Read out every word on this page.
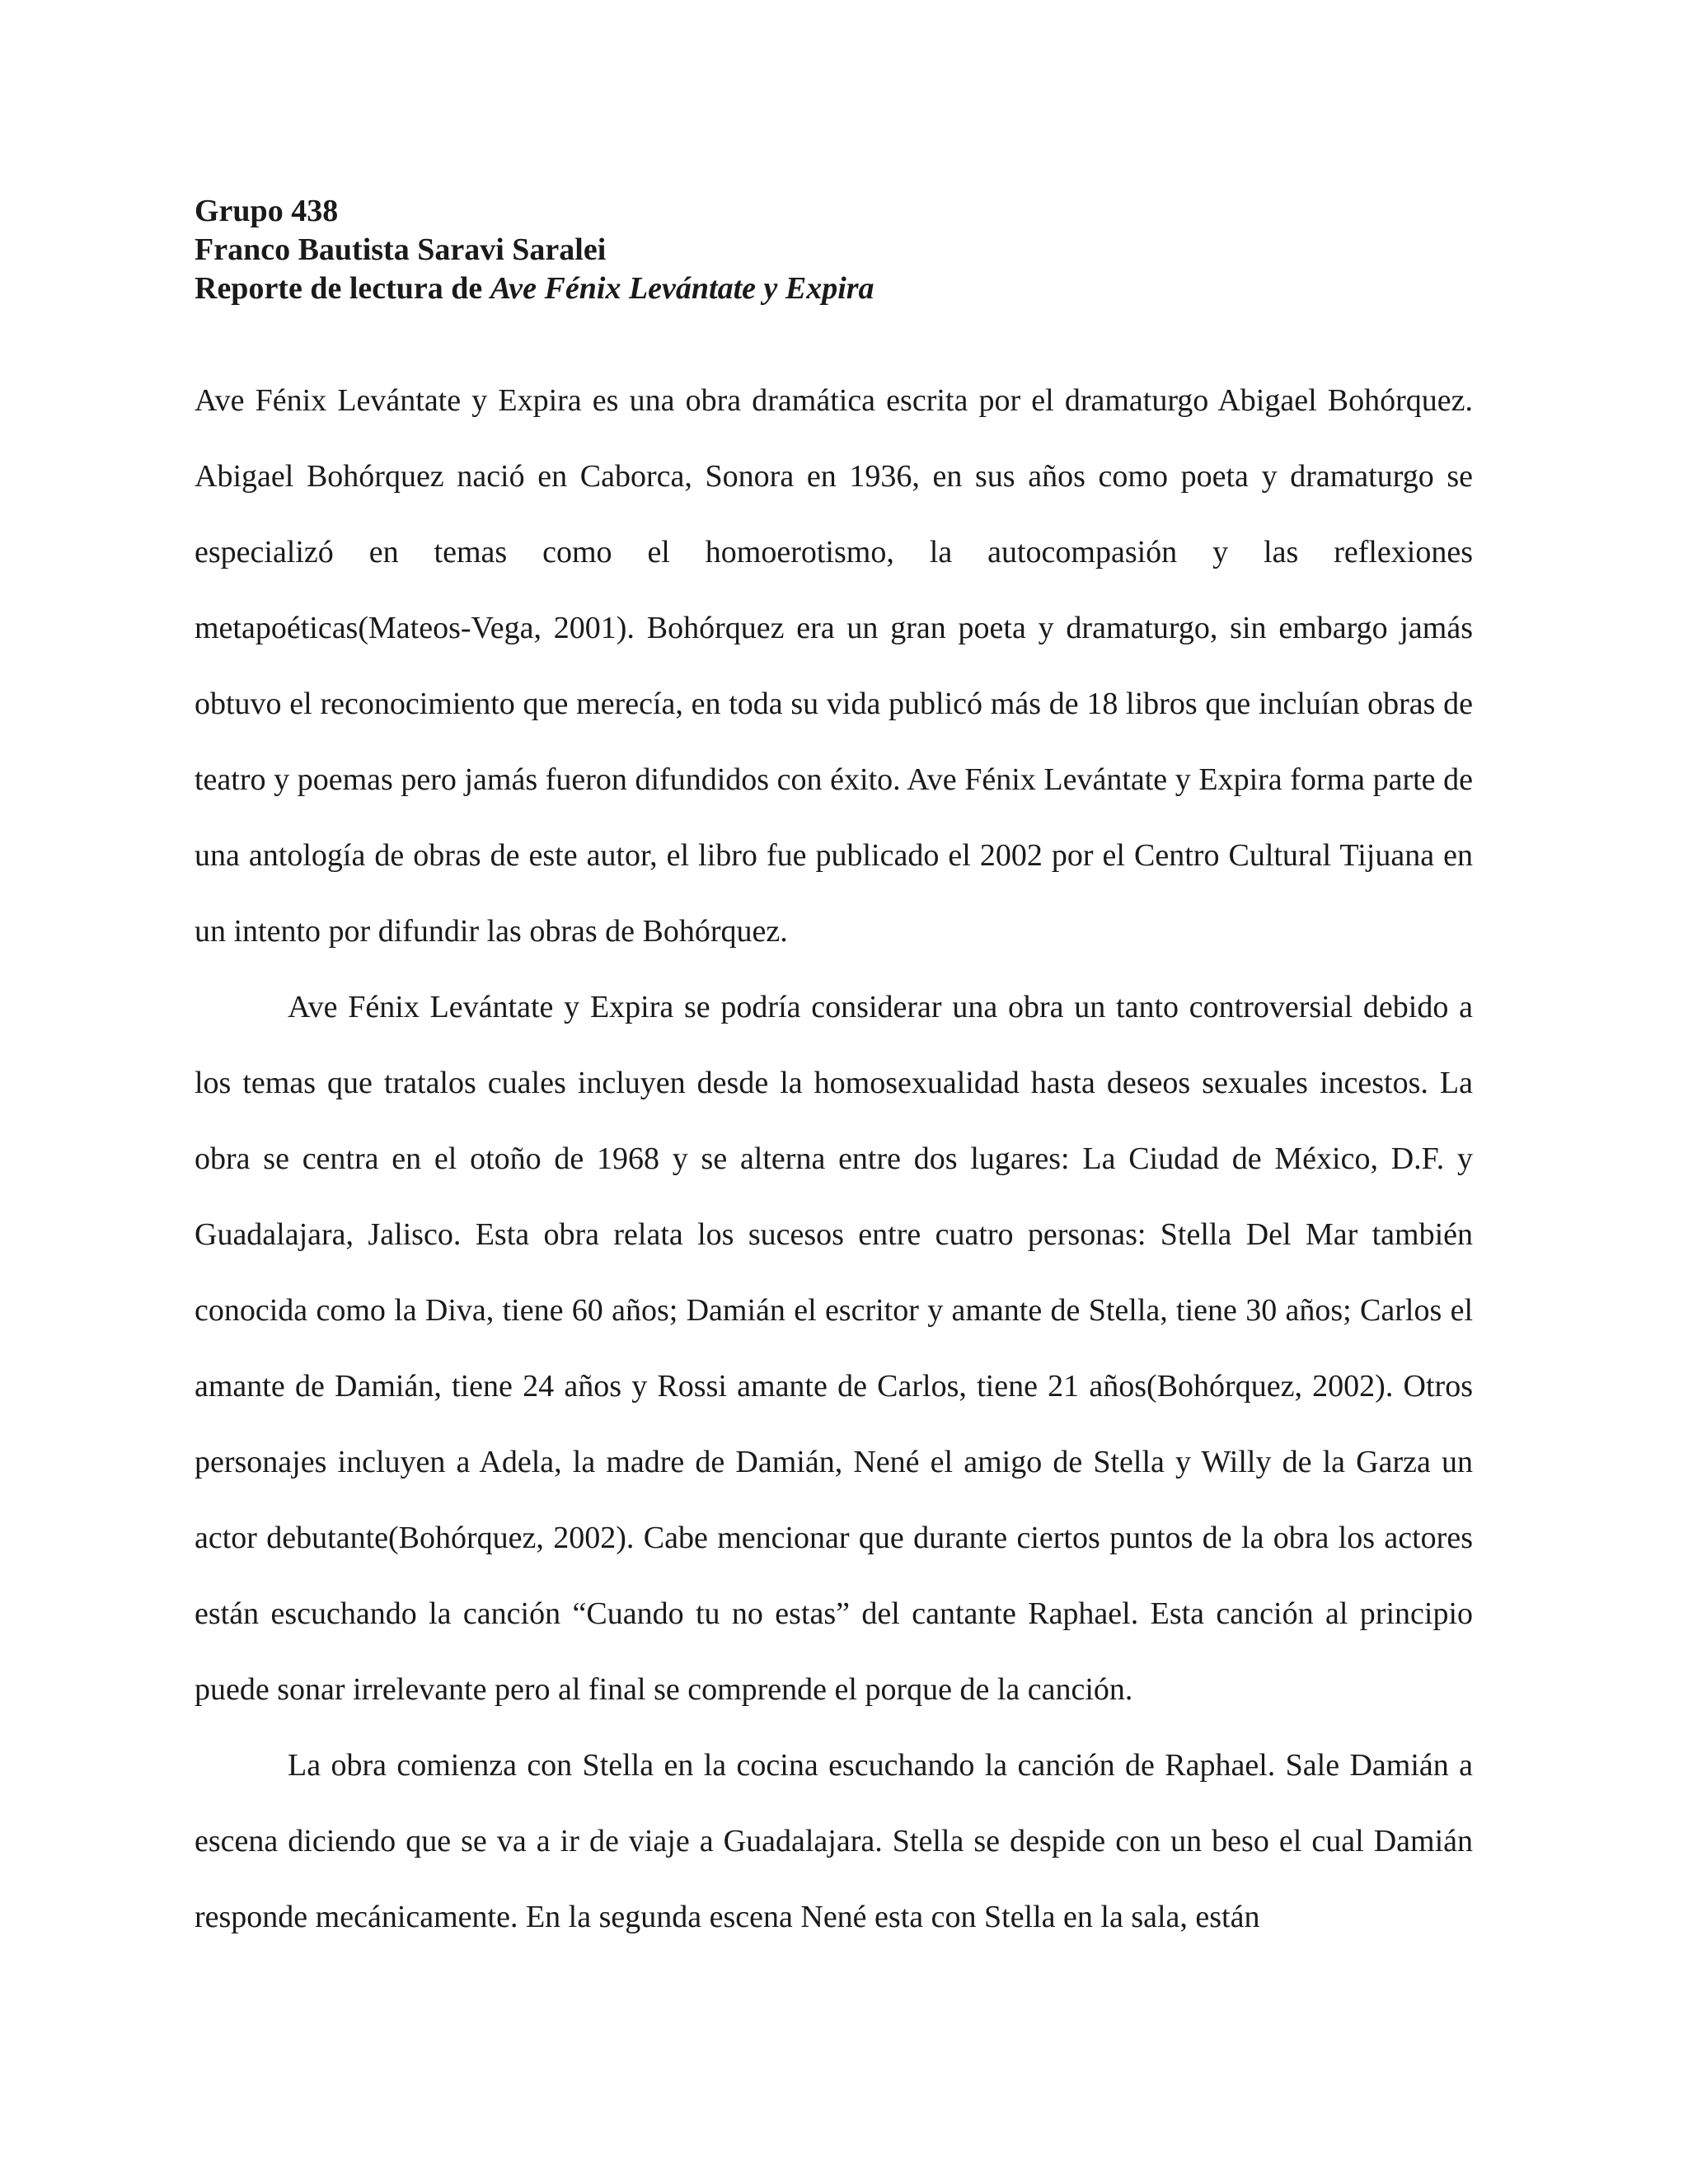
Grupo 438
Franco Bautista Saravi Saralei
Reporte de lectura de Ave Fénix Levántate y Expira

Ave Fénix Levántate y Expira es una obra dramática escrita por el dramaturgo Abigael Bohórquez. Abigael Bohórquez nació en Caborca, Sonora en 1936, en sus años como poeta y dramaturgo se especializó en temas como el homoerotismo, la autocompasión y las reflexiones metapoéticas(Mateos-Vega, 2001). Bohórquez era un gran poeta y dramaturgo, sin embargo jamás obtuvo el reconocimiento que merecía, en toda su vida publicó más de 18 libros que incluían obras de teatro y poemas pero jamás fueron difundidos con éxito. Ave Fénix Levántate y Expira forma parte de una antología de obras de este autor, el libro fue publicado el 2002 por el Centro Cultural Tijuana en un intento por difundir las obras de Bohórquez.

Ave Fénix Levántate y Expira se podría considerar una obra un tanto controversial debido a los temas que tratalos cuales incluyen desde la homosexualidad hasta deseos sexuales incestos. La obra se centra en el otoño de 1968 y se alterna entre dos lugares: La Ciudad de México, D.F. y Guadalajara, Jalisco. Esta obra relata los sucesos entre cuatro personas: Stella Del Mar también conocida como la Diva, tiene 60 años; Damián el escritor y amante de Stella, tiene 30 años; Carlos el amante de Damián, tiene 24 años y Rossi amante de Carlos, tiene 21 años(Bohórquez, 2002). Otros personajes incluyen a Adela, la madre de Damián, Nené el amigo de Stella y Willy de la Garza un actor debutante(Bohórquez, 2002). Cabe mencionar que durante ciertos puntos de la obra los actores están escuchando la canción “Cuando tu no estas” del cantante Raphael. Esta canción al principio puede sonar irrelevante pero al final se comprende el porque de la canción.

La obra comienza con Stella en la cocina escuchando la canción de Raphael. Sale Damián a escena diciendo que se va a ir de viaje a Guadalajara. Stella se despide con un beso el cual Damián responde mecánicamente. En la segunda escena Nené esta con Stella en la sala, están
